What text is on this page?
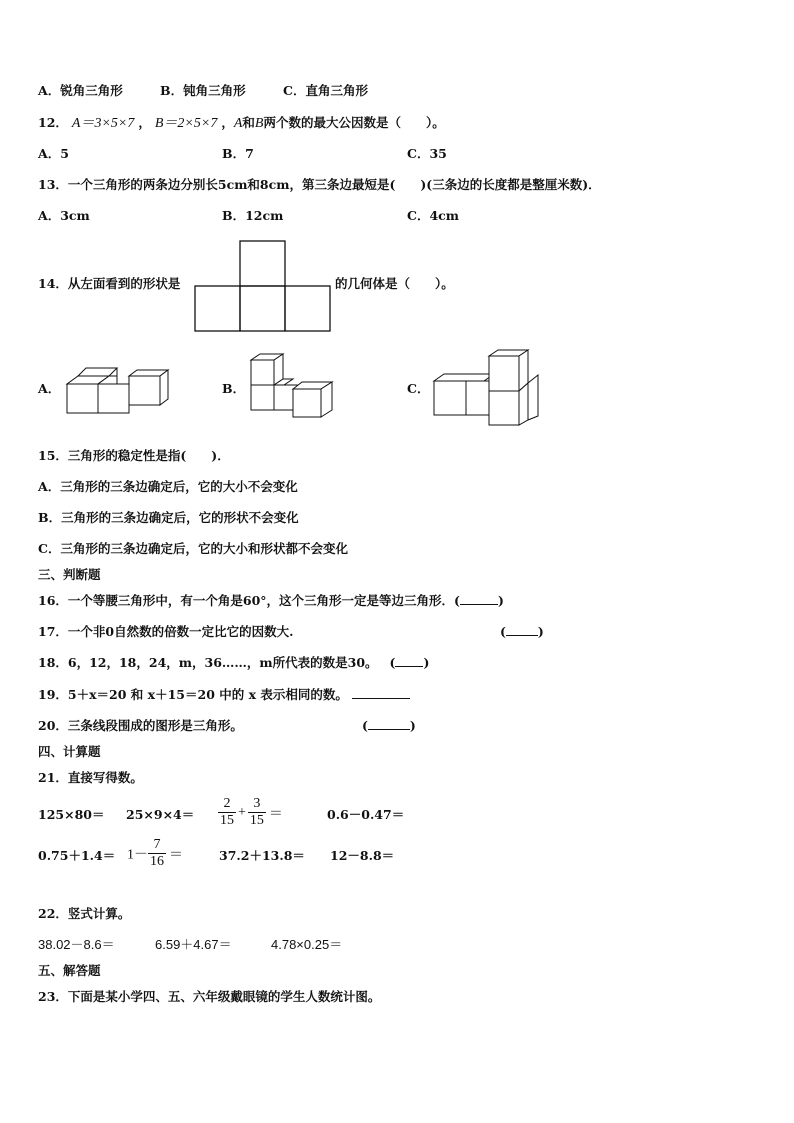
A．锐角三角形	B．钝角三角形	C．直角三角形
12． A＝3×5×7 ， B＝2×5×7 ，A和B两个数的最大公因数是（　　）。
A．5	B．7	C．35
13．一个三角形的两条边分别长5cm和8cm，第三条边最短是(　　)(三条边的长度都是整厘米数)．
A．3cm	B．12cm	C．4cm
14．从左面看到的形状是	的几何体是（　　）。
A．	B．	C．
15．三角形的稳定性是指(　　)．
A．三角形的三条边确定后，它的大小不会变化
B．三角形的三条边确定后，它的形状不会变化
C．三角形的三条边确定后，它的大小和形状都不会变化
三、判断题
16．一个等腰三角形中，有一个角是60°，这个三角形一定是等边三角形．(	)
17．一个非0自然数的倍数一定比它的因数大.	(	)
18．6，12，18，24，m，36……，m所代表的数是30。 ( )
19．5＋x＝20 和 x＋15＝20 中的 x 表示相同的数。
20．三条线段围成的图形是三角形。	(	)
四、计算题
21．直接写得数。
$125\times 80= 25\times 9\times 4= \frac{2}{15} + \frac{3}{15}$ ＝	0.6－0.47＝
$0.75+1.4= 1- \frac{7}{16}$ ＝	37.2＋13.8＝ 12－8.8＝
22．竖式计算。
38.02－8.6＝	6.59＋4.67＝	4.78×0.25＝
五、解答题
23．下面是某小学四、五、六年级戴眼镜的学生人数统计图。
